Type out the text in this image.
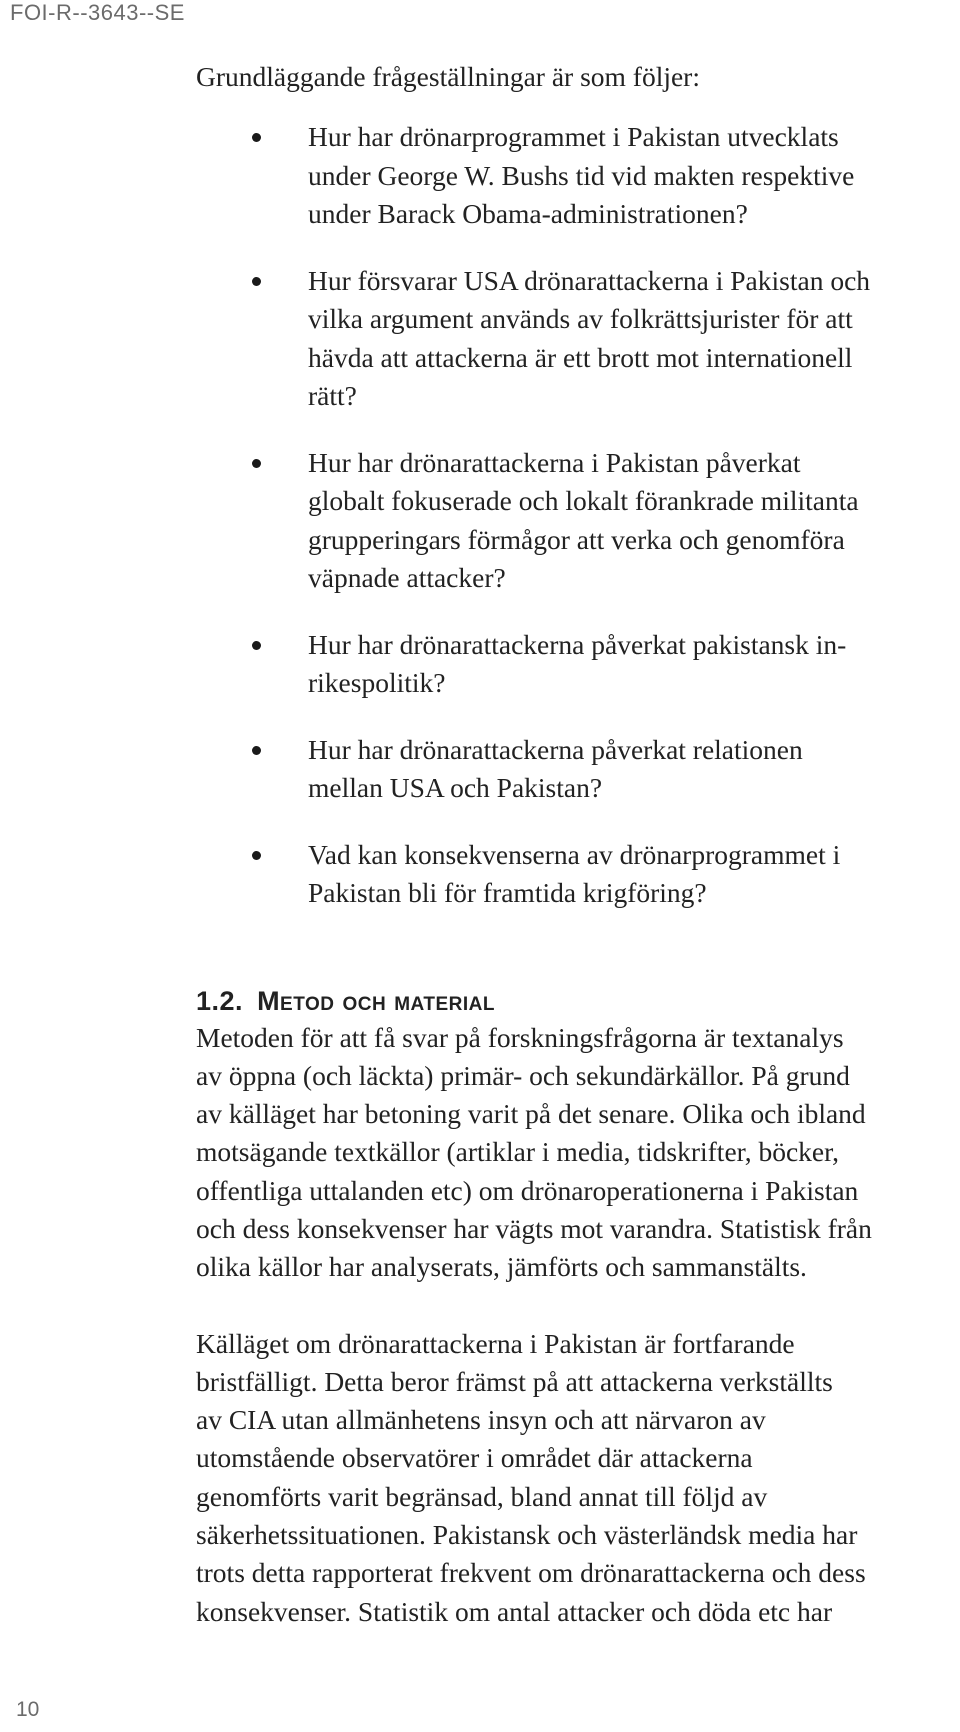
FOI-R--3643--SE

Grundläggande frågeställningar är som följer:

Hur har drönarprogrammet i Pakistan utvecklats
under George W. Bushs tid vid makten respektive
under Barack Obama-administrationen?
Hur försvarar USA drönarattackerna i Pakistan och
vilka argument används av folkrättsjurister för att
hävda att attackerna är ett brott mot internationell
rätt?
Hur har drönarattackerna i Pakistan påverkat
globalt fokuserade och lokalt förankrade militanta
grupperingars förmågor att verka och genomföra
väpnade attacker?
Hur har drönarattackerna påverkat pakistansk in-
rikespolitik?
Hur har drönarattackerna påverkat relationen
mellan USA och Pakistan?
Vad kan konsekvenserna av drönarprogrammet i
Pakistan bli för framtida krigföring?
1.2. Metod och material

Metoden för att få svar på forskningsfrågorna är textanalys
av öppna (och läckta) primär- och sekundärkällor. På grund
av källäget har betoning varit på det senare. Olika och ibland
motsägande textkällor (artiklar i media, tidskrifter, böcker,
offentliga uttalanden etc) om drönaroperationerna i Pakistan
och dess konsekvenser har vägts mot varandra. Statistisk från
olika källor har analyserats, jämförts och sammanstälts.

Källäget om drönarattackerna i Pakistan är fortfarande
bristfälligt. Detta beror främst på att attackerna verkställts
av CIA utan allmänhetens insyn och att närvaron av
utomstående observatörer i området där attackerna
genomförts varit begränsad, bland annat till följd av
säkerhetssituationen. Pakistansk och västerländsk media har
trots detta rapporterat frekvent om drönarattackerna och dess
konsekvenser. Statistik om antal attacker och döda etc har

10
